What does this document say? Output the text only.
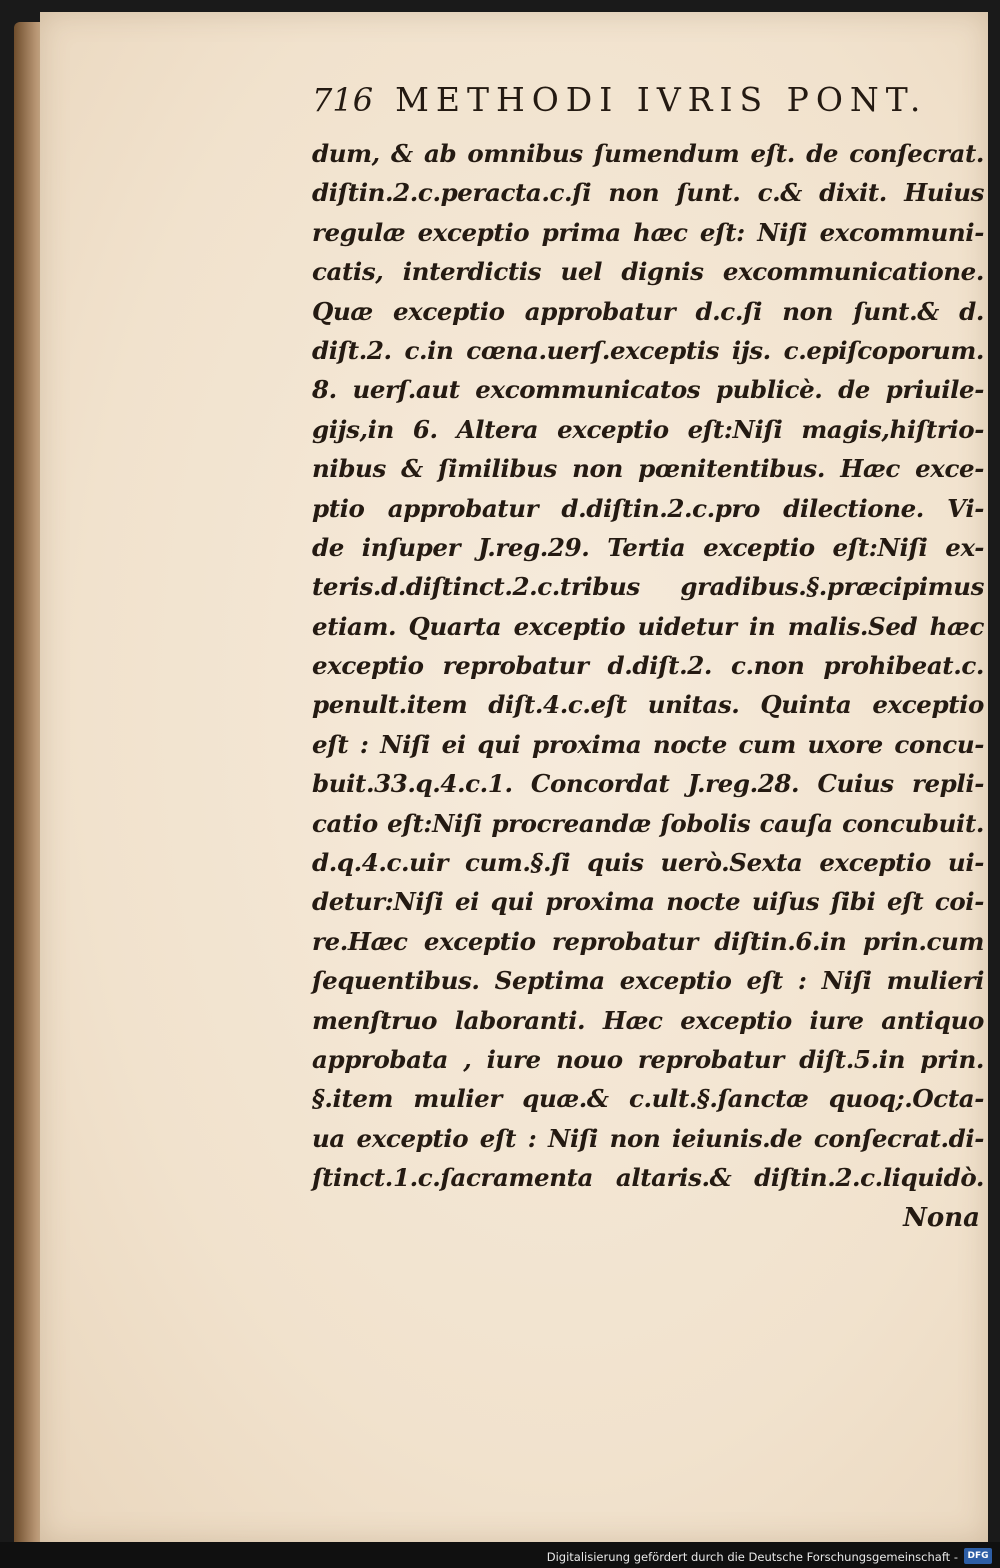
716 METHODI IVRIS PONT.
dum, & ab omnibus ſumendum eſt. de conſecrat.
diſtin.2.c.peracta.c.ſi non ſunt. c.& dixit. Huius
regulæ exceptio prima hæc eſt: Niſi excommuni-
catis, interdictis uel dignis excommunicatione.
Quæ exceptio approbatur d.c.ſi non ſunt.& d.
diſt.2. c.in cœna.uerſ.exceptis ijs. c.epiſcoporum.
8. uerſ.aut excommunicatos publicè. de priuile-
gijs,in 6. Altera exceptio eſt:Niſi magis,hiſtrio-
nibus & ſimilibus non pœnitentibus. Hæc exce-
ptio approbatur d.diſtin.2.c.pro dilectione. Vi-
de inſuper J.reg.29. Tertia exceptio eſt:Niſi ex-
teris.d.diſtinct.2.c.tribus gradibus.§.præcipimus
etiam. Quarta exceptio uidetur in malis.Sed hæc
exceptio reprobatur d.diſt.2. c.non prohibeat.c.
penult.item diſt.4.c.eſt unitas. Quinta exceptio
eſt : Niſi ei qui proxima nocte cum uxore concu-
buit.33.q.4.c.1. Concordat J.reg.28. Cuius repli-
catio eſt:Niſi procreandæ ſobolis cauſa concubuit.
d.q.4.c.uir cum.§.ſi quis uerò.Sexta exceptio ui-
detur:Niſi ei qui proxima nocte uiſus ſibi eſt coi-
re.Hæc exceptio reprobatur diſtin.6.in prin.cum
ſequentibus. Septima exceptio eſt : Niſi mulieri
menſtruo laboranti. Hæc exceptio iure antiquo
approbata , iure nouo reprobatur diſt.5.in prin.
§.item mulier quæ.& c.ult.§.ſanctæ quoq;.Octa-
ua exceptio eſt : Niſi non ieiunis.de conſecrat.di-
ſtinct.1.c.ſacramenta altaris.& diſtin.2.c.liquidò.
Nona
Digitalisierung gefördert durch die Deutsche Forschungsgemeinschaft -	DFG
